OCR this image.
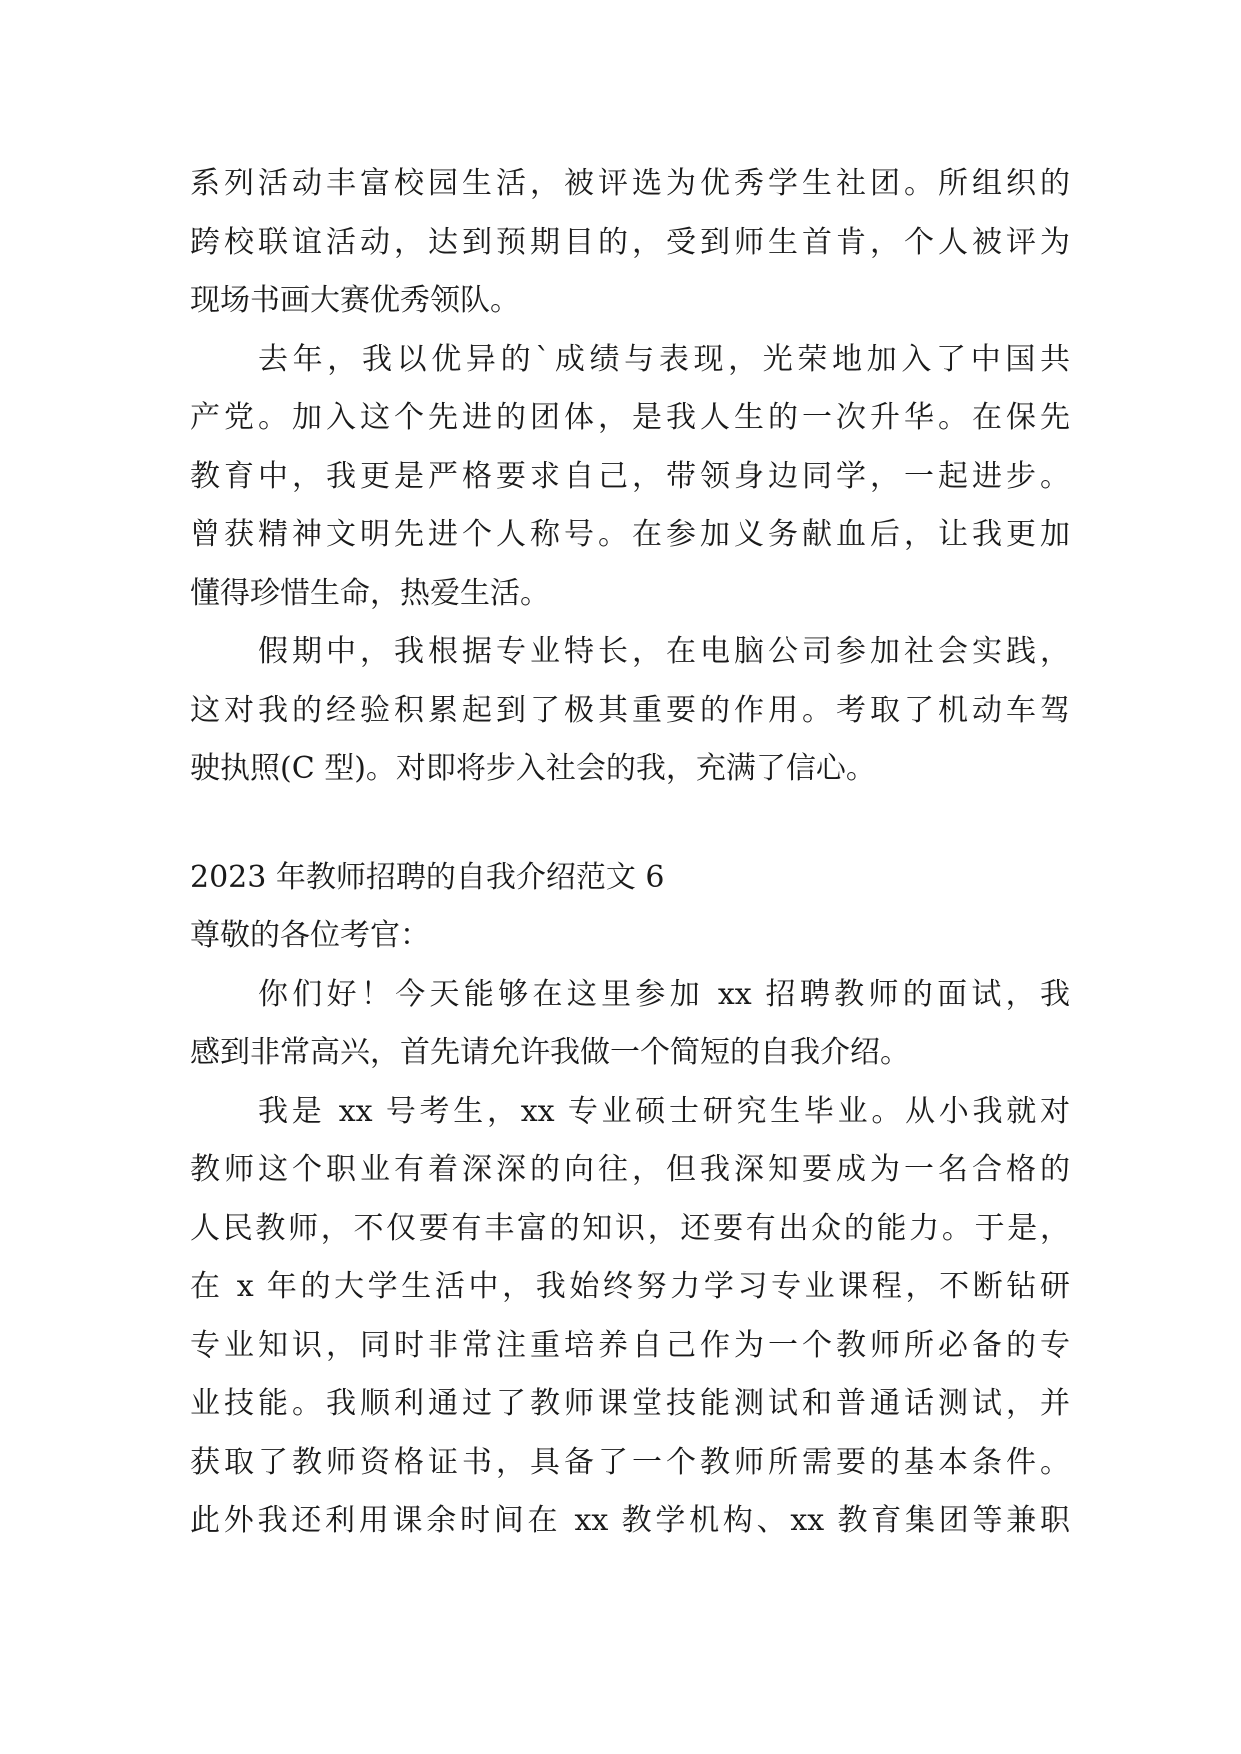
系列活动丰富校园生活，被评选为优秀学生社团。所组织的
跨校联谊活动，达到预期目的，受到师生首肯，个人被评为
现场书画大赛优秀领队。
去年，我以优异的`成绩与表现，光荣地加入了中国共
产党。加入这个先进的团体，是我人生的一次升华。在保先
教育中，我更是严格要求自己，带领身边同学，一起进步。
曾获精神文明先进个人称号。在参加义务献血后，让我更加
懂得珍惜生命，热爱生活。
假期中，我根据专业特长，在电脑公司参加社会实践，
这对我的经验积累起到了极其重要的作用。考取了机动车驾
驶执照(C 型)。对即将步入社会的我，充满了信心。
2023 年教师招聘的自我介绍范文 6
尊敬的各位考官：
你们好！今天能够在这里参加 xx 招聘教师的面试，我
感到非常高兴，首先请允许我做一个简短的自我介绍。
我是 xx 号考生，xx 专业硕士研究生毕业。从小我就对
教师这个职业有着深深的向往，但我深知要成为一名合格的
人民教师，不仅要有丰富的知识，还要有出众的能力。于是，
在 x 年的大学生活中，我始终努力学习专业课程，不断钻研
专业知识，同时非常注重培养自己作为一个教师所必备的专
业技能。我顺利通过了教师课堂技能测试和普通话测试，并
获取了教师资格证书，具备了一个教师所需要的基本条件。
此外我还利用课余时间在 xx 教学机构、xx 教育集团等兼职
